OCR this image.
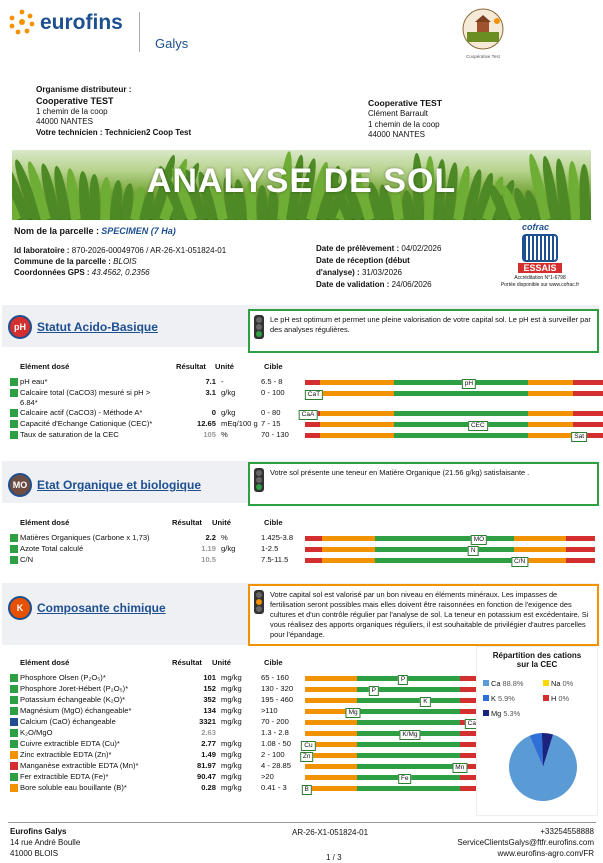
eurofins
Galys
Coopérative Test
Organisme distributeur :
Cooperative TEST
1 chemin de la coop
44000 NANTES
Votre technicien : Technicien2 Coop Test
Cooperative TEST
Clément Barrault
1 chemin de la coop
44000 NANTES
ANALYSE DE SOL
Nom de la parcelle : SPECIMEN (7 Ha)
Id laboratoire : 870-2026-00049706 / AR-26-X1-051824-01
Commune de la parcelle : BLOIS
Coordonnées GPS : 43.4562, 0.2356
Date de prélèvement : 04/02/2026
Date de réception (début
d'analyse) : 31/03/2026
Date de validation : 24/06/2026
cofrac
ESSAIS
Accréditation N°1-6798
Portée disponible sur www.cofrac.fr
pH Statut Acido-Basique
Le pH est optimum et permet une pleine valorisation de votre capital sol. Le pH est à surveiller par des analyses régulières.
Elément dosé	Résultat Unité	Cible
pH eau*	7.1 -	6.5 - 8	pH
Calcaire total (CaCO3) mesuré si pH >
6.84*
3.1 g/kg	0 - 100	CaT
Calcaire actif (CaCO3) - Méthode A*	0 g/kg	0 - 80	CaA
Capacité d'Echange Cationique (CEC)*	12.65 mEq/100 g 7 - 15	CEC
Taux de saturation de la CEC	105 %	70 - 130	Sat
MO Etat Organique et biologique
Votre sol présente une teneur en Matière Organique (21.56 g/kg) satisfaisante .
Elément dosé	Résultat Unité	Cible
Matières Organiques (Carbone x 1,73)	2.2 %	1.425-3.8	MO
Azote Total calculé	1.19 g/kg	1-2.5	N
C/N	10.5	7.5-11.5	C/N
K	Composante chimique
Votre capital sol est valorisé par un bon niveau en éléments minéraux. Les impasses de fertilisation seront possibles mais elles doivent être raisonnées en fonction de l'exigence des cultures et d'un contrôle régulier par l'analyse de sol. La teneur en potassium est excédentaire. Si vous réalisez des apports organiques réguliers, il est souhaitable de privilégier d'autres parcelles pour l'épandage.
Elément dosé	Résultat Unité	Cible
Phosphore Olsen (P₂O₅)*	101 mg/kg	65 - 160	P
Phosphore Joret-Hébert (P₂O₅)*	152 mg/kg	130 - 320	P
Potassium échangeable (K₂O)*	352 mg/kg	195 - 460	K
Magnésium (MgO) échangeable*	134 mg/kg	>110	Mg
Calcium (CaO) échangeable	3321 mg/kg	70 - 200	Ca
K₂O/MgO	2.63	1.3 - 2.8	K/Mg
Cuivre extractible EDTA (Cu)*	2.77 mg/kg	1.08 - 50	Cu
Zinc extractible EDTA (Zn)*	1.49 mg/kg	2 - 100	Zn
Manganèse extractible EDTA (Mn)*	81.97 mg/kg	4 - 28.85	Mn
Fer extractible EDTA (Fe)*	90.47 mg/kg	>20	Fe
Bore soluble eau bouillante (B)*	0.28 mg/kg	0.41 - 3	B
Répartition des cations
sur la CEC
Ca 88.8%	Na 0%
K 5.9%	H 0%
Mg 5.3%
Eurofins Galys
14 rue André Boulle
41000 BLOIS
AR-26-X1-051824-01
1 / 3
+33254558888
ServiceClientsGalys@ftfr.eurofins.com
www.eurofins-agro.com/FR
